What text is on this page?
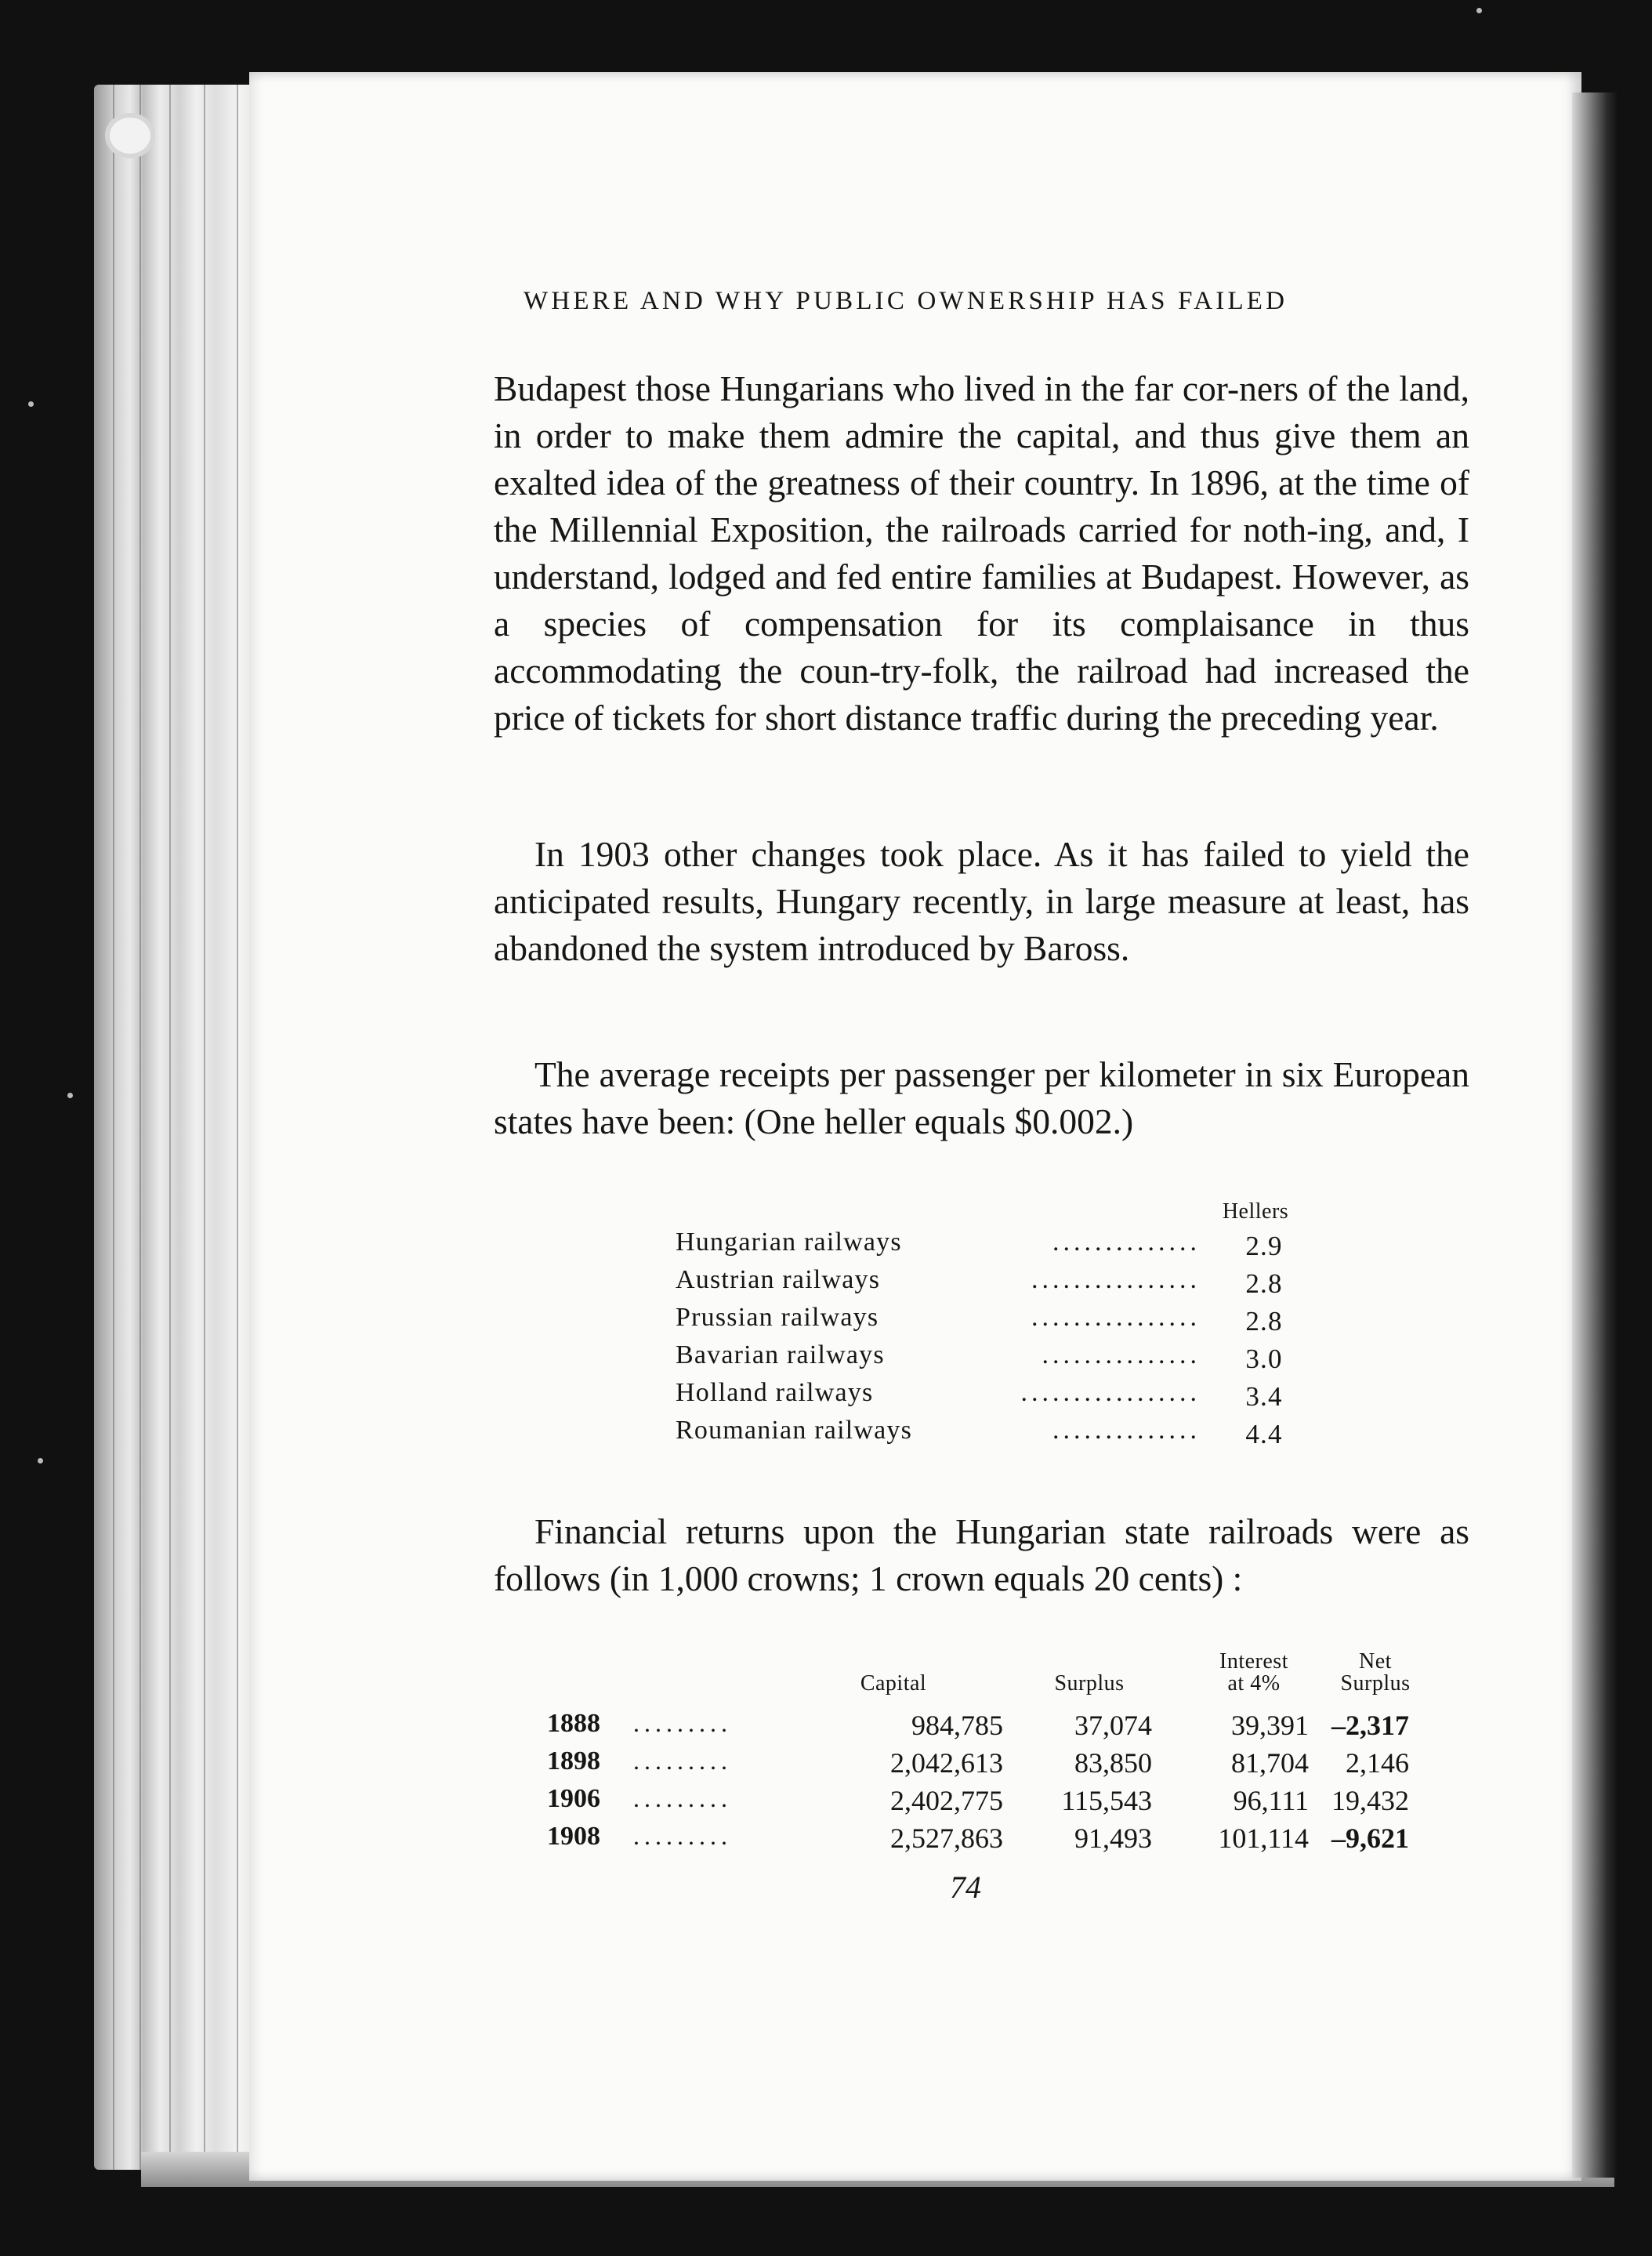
WHERE AND WHY PUBLIC OWNERSHIP HAS FAILED

Budapest those Hungarians who lived in the far cor-ners of the land, in order to make them admire the capital, and thus give them an exalted idea of the greatness of their country. In 1896, at the time of the Millennial Exposition, the railroads carried for noth-ing, and, I understand, lodged and fed entire families at Budapest. However, as a species of compensation for its complaisance in thus accommodating the coun-try-folk, the railroad had increased the price of tickets for short distance traffic during the preceding year.

In 1903 other changes took place. As it has failed to yield the anticipated results, Hungary recently, in large measure at least, has abandoned the system introduced by Baross.

The average receipts per passenger per kilometer in six European states have been: (One heller equals $0.002.)

Hellers
Hungarian railways	..............	2.9
Austrian railways	................	2.8
Prussian railways	................	2.8
Bavarian railways	...............	3.0
Holland railways	.................	3.4
Roumanian railways	..............	4.4

Financial returns upon the Hungarian state railroads were as follows (in 1,000 crowns; 1 crown equals 20 cents) :

Capital	Surplus
Interest
at 4%
Net
Surplus
1888 .........	984,785	37,074	39,391 –2,317
1898 .........	2,042,613	83,850	81,704	2,146
1906 .........	2,402,775	115,543	96,111 19,432
1908 .........	2,527,863	91,493	101,114 –9,621
74
